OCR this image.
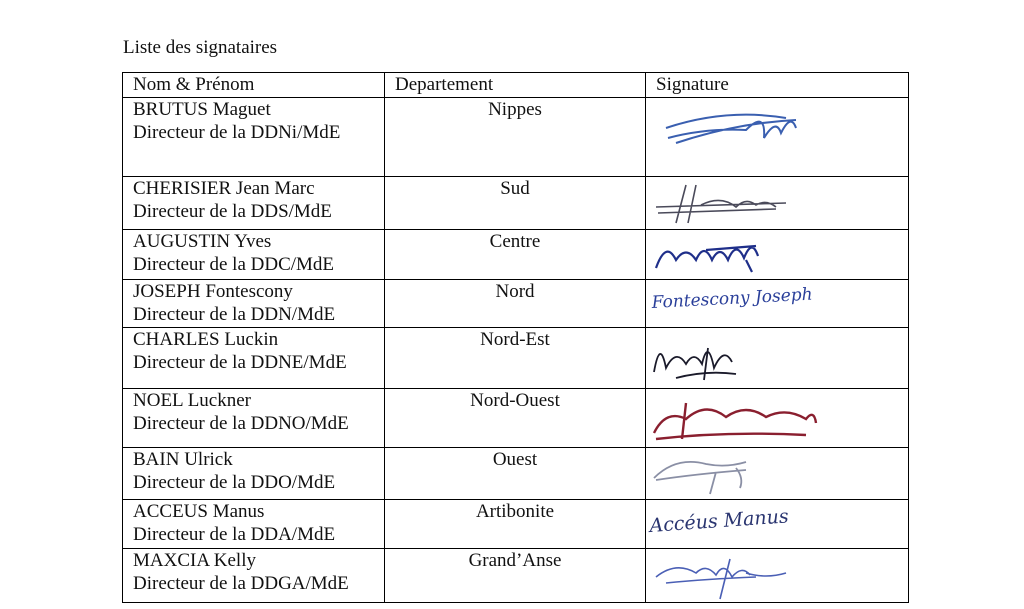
Liste des signataires
Nom & Prénom	Departement	Signature

BRUTUS Maguet
Directeur de la DDNi/MdE	Nippes	

CHERISIER Jean Marc
Directeur de la DDS/MdE	Sud	

AUGUSTIN Yves
Directeur de la DDC/MdE	Centre	

JOSEPH Fontescony
Directeur de la DDN/MdE	Nord	Fontescony Joseph

CHARLES Luckin
Directeur de la DDNE/MdE	Nord-Est	

NOEL Luckner
Directeur de la DDNO/MdE	Nord-Ouest	

BAIN Ulrick
Directeur de la DDO/MdE	Ouest	

ACCEUS Manus
Directeur de la DDA/MdE	Artibonite	Accéus Manus

MAXCIA Kelly
Directeur de la DDGA/MdE	Grand’Anse	
